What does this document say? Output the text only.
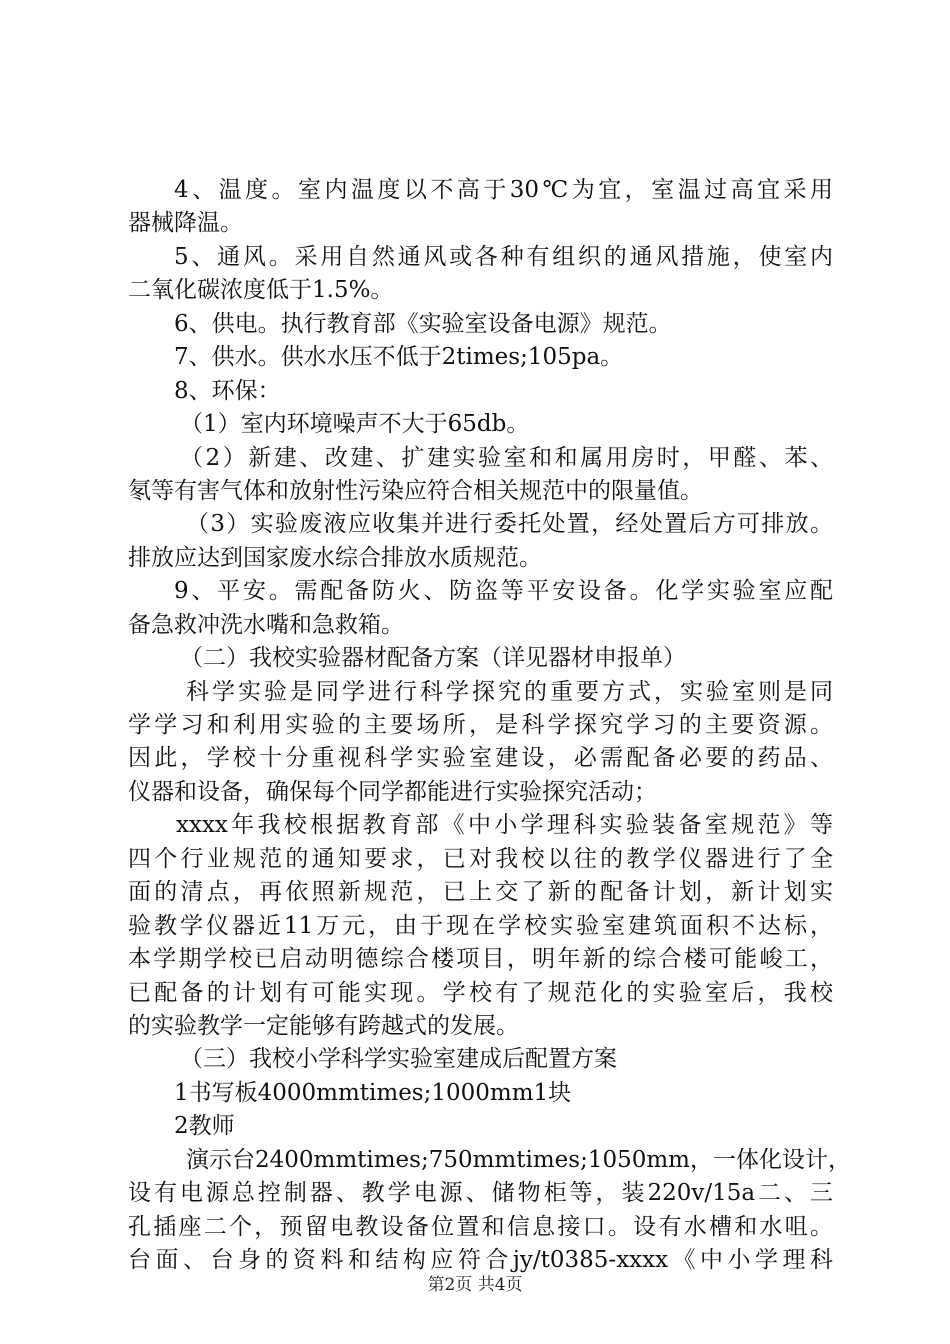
4、温度。室内温度以不高于30℃为宜，室温过高宜采用
器械降温。
5、通风。采用自然通风或各种有组织的通风措施，使室内
二氧化碳浓度低于1.5%。
6、供电。执行教育部《实验室设备电源》规范。
7、供水。供水水压不低于2times;105pa。
8、环保：
（1）室内环境噪声不大于65db。
（2）新建、改建、扩建实验室和和属用房时，甲醛、苯、
氡等有害气体和放射性污染应符合相关规范中的限量值。
（3）实验废液应收集并进行委托处置，经处置后方可排放。
排放应达到国家废水综合排放水质规范。
9、平安。需配备防火、防盗等平安设备。化学实验室应配
备急救冲洗水嘴和急救箱。
（二）我校实验器材配备方案（详见器材申报单）
科学实验是同学进行科学探究的重要方式，实验室则是同
学学习和利用实验的主要场所，是科学探究学习的主要资源。
因此，学校十分重视科学实验室建设，必需配备必要的药品、
仪器和设备，确保每个同学都能进行实验探究活动；
xxxx年我校根据教育部《中小学理科实验装备室规范》等
四个行业规范的通知要求，已对我校以往的教学仪器进行了全
面的清点，再依照新规范，已上交了新的配备计划，新计划实
验教学仪器近11万元，由于现在学校实验室建筑面积不达标，
本学期学校已启动明德综合楼项目，明年新的综合楼可能峻工，
已配备的计划有可能实现。学校有了规范化的实验室后，我校
的实验教学一定能够有跨越式的发展。
（三）我校小学科学实验室建成后配置方案
1书写板4000mmtimes;1000mm1块
2教师
演示台2400mmtimes;750mmtimes;1050mm，一体化设计，
设有电源总控制器、教学电源、储物柜等，装220v/15a二、三
孔插座二个，预留电教设备位置和信息接口。设有水槽和水咀。
台面、台身的资料和结构应符合jy/t0385-xxxx《中小学理科
第2页 共4页
